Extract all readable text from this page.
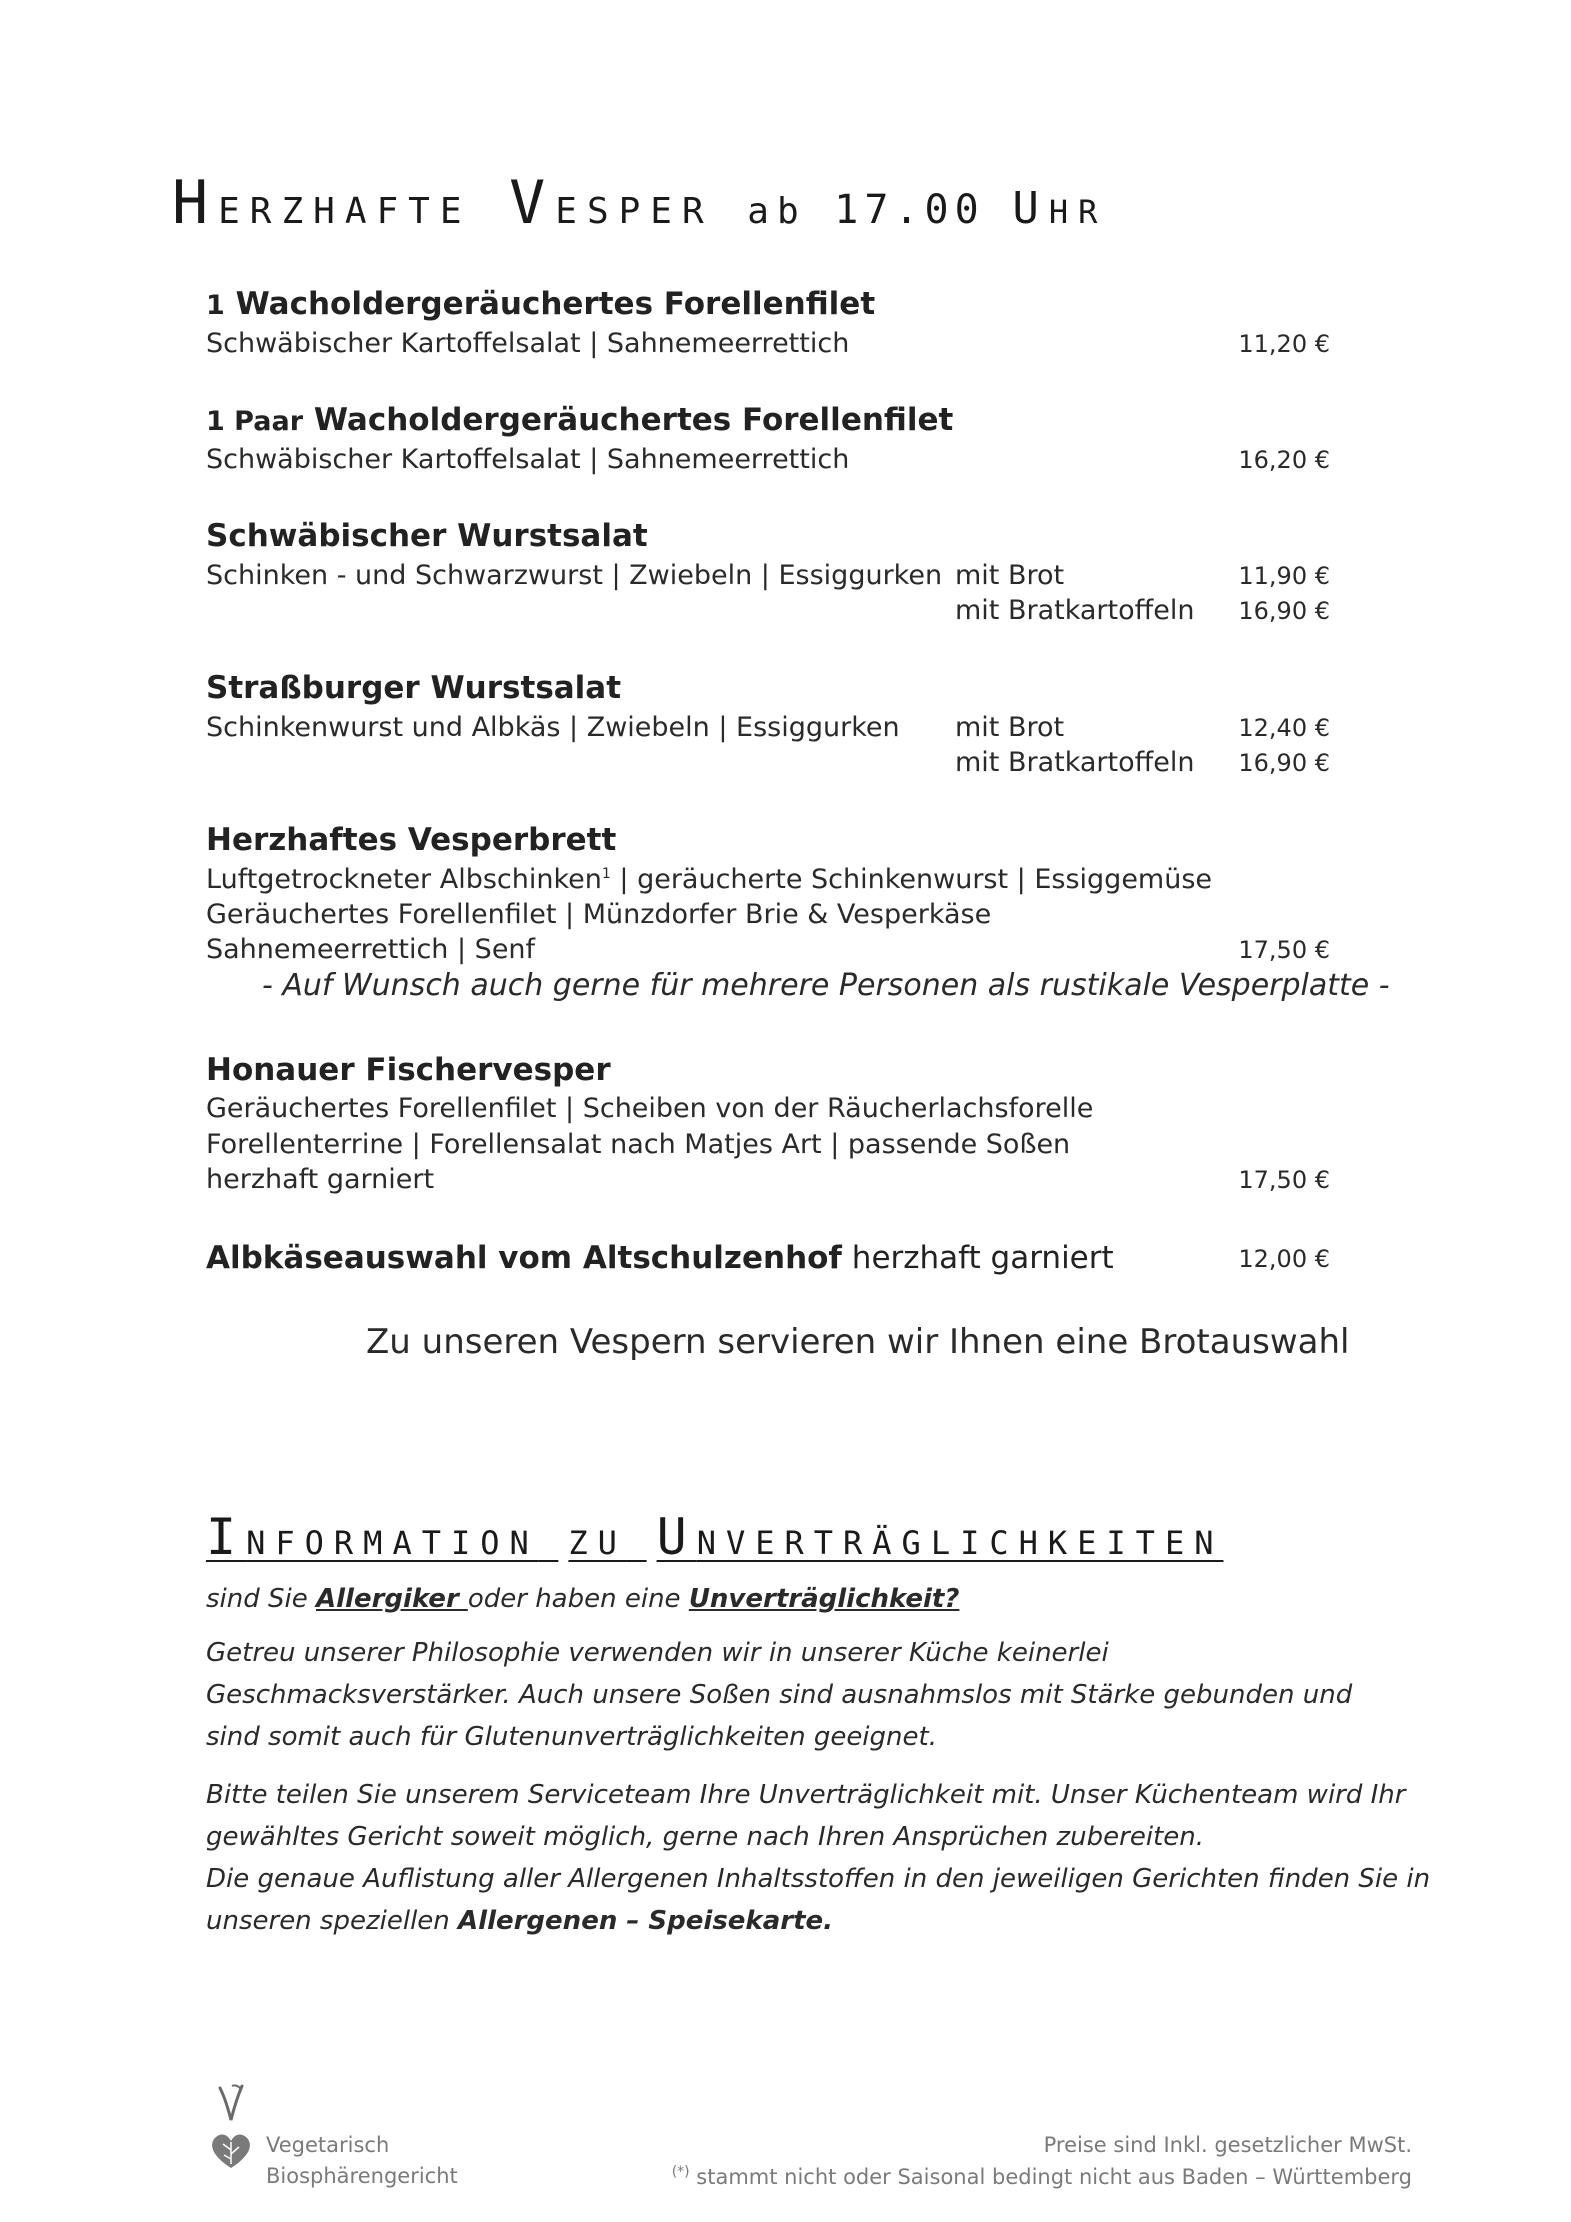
HERZHAFTE VESPER ab 17.00 UHR
1 Wacholdergeräuchertes Forellenfilet
Schwäbischer Kartoffelsalat | Sahnemeerrettich	11,20 €
1 Paar Wacholdergeräuchertes Forellenfilet
Schwäbischer Kartoffelsalat | Sahnemeerrettich	16,20 €
Schwäbischer Wurstsalat
Schinken - und Schwarzwurst | Zwiebeln | Essiggurken mit Brot	11,90 €
mit Bratkartoffeln	16,90 €
Straßburger Wurstsalat
Schinkenwurst und Albkäs | Zwiebeln | Essiggurken mit Brot	12,40 €
mit Bratkartoffeln	16,90 €
Herzhaftes Vesperbrett
Luftgetrockneter Albschinken$^1$ | geräucherte Schinkenwurst | Essiggemüse
Geräuchertes Forellenfilet | Münzdorfer Brie & Vesperkäse
Sahnemeerrettich | Senf	17,50 €
- Auf Wunsch auch gerne für mehrere Personen als rustikale Vesperplatte -
Honauer Fischervesper
Geräuchertes Forellenfilet | Scheiben von der Räucherlachsforelle
Forellenterrine | Forellensalat nach Matjes Art | passende Soßen
herzhaft garniert	17,50 €
Albkäseauswahl vom Altschulzenhof herzhaft garniert	12,00 €
Zu unseren Vespern servieren wir Ihnen eine Brotauswahl
INFORMATION ZU UNVERTRÄGLICHKEITEN
sind Sie Allergiker oder haben eine Unverträglichkeit?
Getreu unserer Philosophie verwenden wir in unserer Küche keinerlei Geschmacksverstärker. Auch unsere Soßen sind ausnahmslos mit Stärke gebunden und sind somit auch für Glutenunverträglichkeiten geeignet.
Bitte teilen Sie unserem Serviceteam Ihre Unverträglichkeit mit. Unser Küchenteam wird Ihr gewähltes Gericht soweit möglich, gerne nach Ihren Ansprüchen zubereiten.
Die genaue Auflistung aller Allergenen Inhaltsstoffen in den jeweiligen Gerichten finden Sie in unseren speziellen Allergenen – Speisekarte.
Vegetarisch
Biosphärengericht
Preise sind Inkl. gesetzlicher MwSt.
(*) stammt nicht oder Saisonal bedingt nicht aus Baden – Württemberg
